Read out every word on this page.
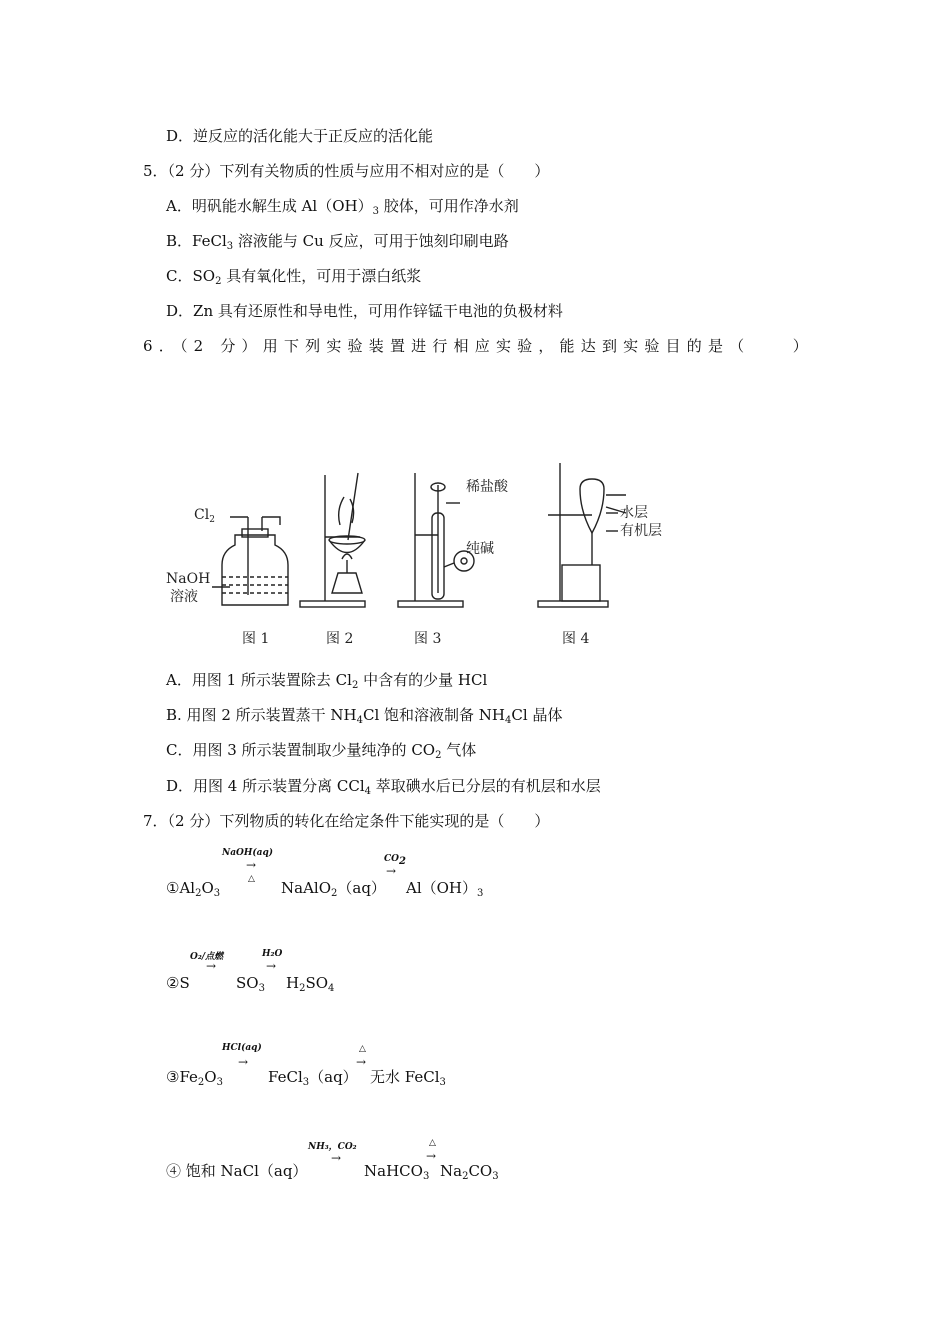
D．逆反应的活化能大于正反应的活化能
5．（2 分）下列有关物质的性质与应用不相对应的是（　　）
A．明矾能水解生成 $Al(OH)_3$ 胶体，可用作净水剂
B．FeCl$_3$ 溶液能与 Cu 反应，可用于蚀刻印刷电路
C．$SO_2$ 具有氧化性，可用于漂白纸浆
D．Zn 具有还原性和导电性，可用作锌锰干电池的负极材料
6．（2 分）用下列实验装置进行相应实验，能达到实验目的是（　　）
$Cl_2$
NaOH
溶液
稀盐酸
纯碱
水层
有机层
图 1	图 2	图 3	图 4
A．用图 1 所示装置除去 $Cl_2$ 中含有的少量 HCl
B. 用图 2 所示装置蒸干 $NH_4Cl$ 饱和溶液制备 $NH_4Cl$ 晶体
C．用图 3 所示装置制取少量纯净的 $CO_2$ 气体
D．用图 4 所示装置分离 CCl$_4$ 萃取碘水后已分层的有机层和水层
7．（2 分）下列物质的转化在给定条件下能实现的是（　　）
$①Al_2O_3$
NaOH(aq)
→
△ NaAlO$_2$（aq）
$CO_2$
→
$Al(OH)_3$
②S
O₂/点燃
→
$SO_3$
H₂O
→
$H_2SO_4$
$③Fe_2O_3$
HCl(aq)
→
FeCl$_3$（aq）
△
→
无水 FeCl$_3$
④ 饱和 NaCl（aq）
NH₃，CO₂
→
NaHCO$_3$
△
→
$Na_2CO_3$
